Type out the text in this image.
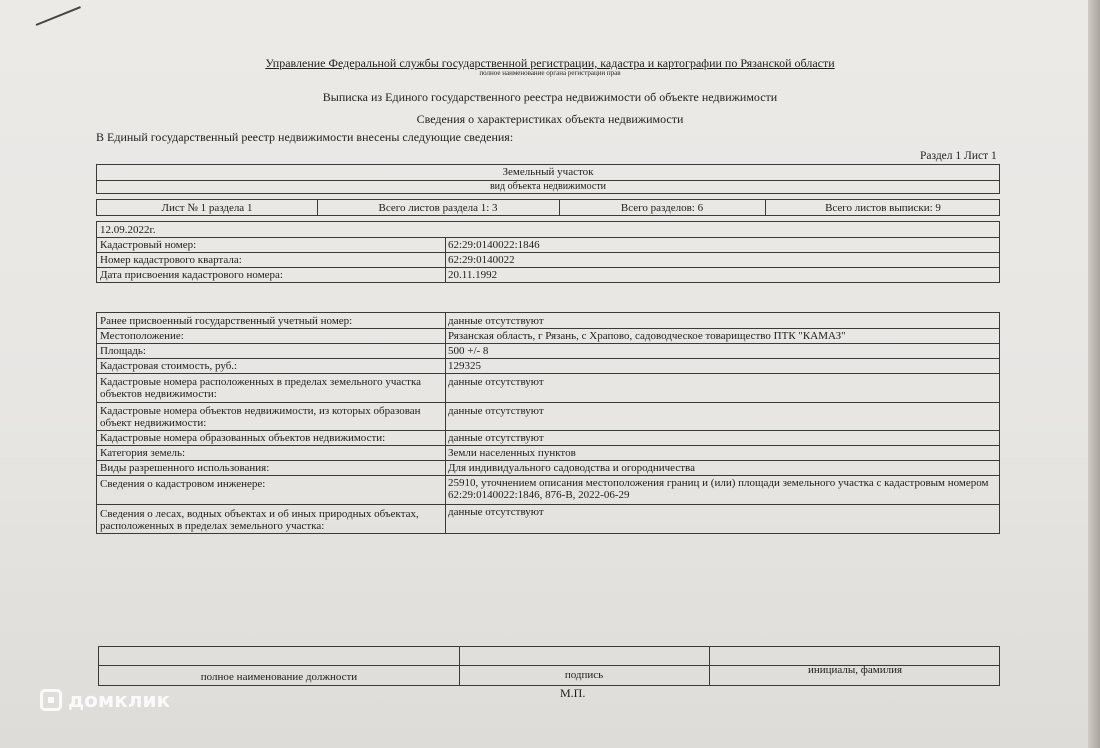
Управление Федеральной службы государственной регистрации, кадастра и картографии по Рязанской области
полное наименование органа регистрации прав
Выписка из Единого государственного реестра недвижимости об объекте недвижимости
Сведения о характеристиках объекта недвижимости
В Единый государственный реестр недвижимости внесены следующие сведения:
Раздел 1 Лист 1
Земельный участок
вид объекта недвижимости
Лист № 1 раздела 1	Всего листов раздела 1: 3	Всего разделов: 6	Всего листов выписки: 9
12.09.2022г.
Кадастровый номер:	62:29:0140022:1846
Номер кадастрового квартала:	62:29:0140022
Дата присвоения кадастрового номера:	20.11.1992
Ранее присвоенный государственный учетный номер:	данные отсутствуют
Местоположение:	Рязанская область, г Рязань, с Храпово, садоводческое товарищество ПТК "КАМАЗ"
Площадь:	500 +/- 8
Кадастровая стоимость, руб.:	129325
Кадастровые номера расположенных в пределах земельного участка объектов недвижимости:
данные отсутствуют
Кадастровые номера объектов недвижимости, из которых образован объект недвижимости:
данные отсутствуют
Кадастровые номера образованных объектов недвижимости:	данные отсутствуют
Категория земель:	Земли населенных пунктов
Виды разрешенного использования:	Для индивидуального садоводства и огородничества
Сведения о кадастровом инженере:	25910, уточнением описания местоположения границ и (или) площади земельного участка с кадастровым номером 62:29:0140022:1846, 876-В, 2022-06-29
Сведения о лесах, водных объектах и об иных природных объектах, расположенных в пределах земельного участка:
данные отсутствуют
полное наименование должности	подпись	инициалы, фамилия
М.П.
домклик
